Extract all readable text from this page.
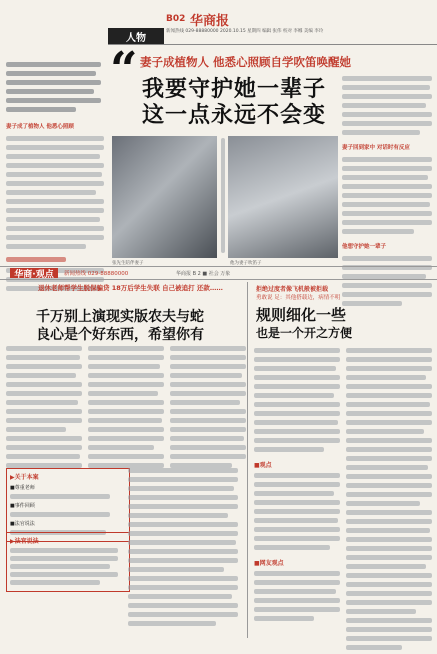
人物
B02 华商报
新闻热线 029-88880000 2020.10.15 星期四 编辑 张伟 校对 李娜 美编 李玲
妻子成了植物人 他悉心照顾
“ 妻子成植物人 他悉心照顾自学吹笛唤醒她
我要守护她一辈子
这一点永远不会变
张先生陪伴妻子	他为妻子吹笛子
妻子回到家中 对话时有反应
他想守护她一辈子
华商·观点	新闻热线 029-88880000	华商报 B 2 ■ 社会 万象
退休老师帮学生脱保骗贷 18万后学生失联 自己被追打 还款……
千万别上演现实版农夫与蛇
良心是个好东西，希望你有
▶关于本案
■尊重老师
■事件回顾
■法官说法
▶法官说法
拒绝过度者像飞机般被拒载
勇敢说 足：其他搭载边，病情不明
规则细化一些
也是一个开之方便
■观点
■网友观点
